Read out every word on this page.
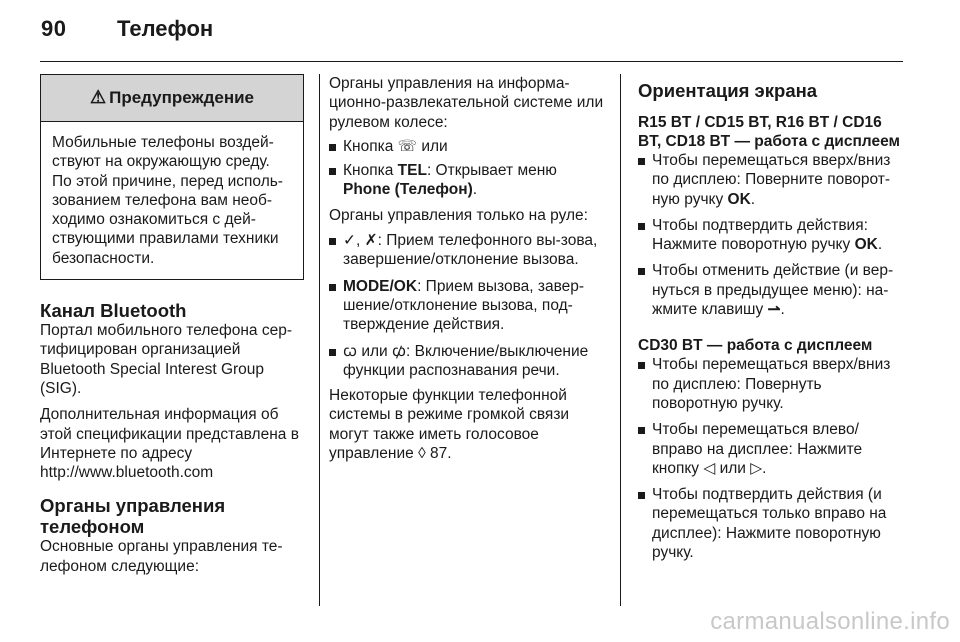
90	Телефон
⚠ Предупреждение

Мобильные телефоны воздей-ствуют на окружающую среду. По этой причине, перед исполь-зованием телефона вам необ-ходимо ознакомиться с дей-ствующими правилами техники безопасности.

Канал Bluetooth

Портал мобильного телефона сер-тифицирован организацией Bluetooth Special Interest Group (SIG).

Дополнительная информация об этой спецификации представлена в Интернете по адресу http://www.bluetooth.com

Органы управления телефоном

Основные органы управления те-лефоном следующие:

Органы управления на информа-ционно-развлекательной системе или рулевом колесе:

Кнопка ☏ или
Кнопка TEL: Открывает меню Phone (Телефон).

Органы управления только на руле:

✓, ✗: Прием телефонного вы-зова, завершение/отклонение вызова.
MODE/OK: Прием вызова, завер-шение/отклонение вызова, под-тверждение действия.
ꞷ или ꞷ̸: Включение/выключение функции распознавания речи.

Некоторые функции телефонной системы в режиме громкой связи могут также иметь голосовое управление ◊ 87.

Ориентация экрана
R15 BT / CD15 BT, R16 BT / CD16 BT, CD18 BT — работа с дисплеем
Чтобы перемещаться вверх/вниз по дисплею: Поверните поворот-ную ручку OK.
Чтобы подтвердить действия: Нажмите поворотную ручку OK.
Чтобы отменить действие (и вер-нуться в предыдущее меню): на-жмите клавишу ⇀.
CD30 BT — работа с дисплеем
Чтобы перемещаться вверх/вниз по дисплею: Повернуть поворотную ручку.
Чтобы перемещаться влево/ вправо на дисплее: Нажмите кнопку ◁ или ▷.
Чтобы подтвердить действия (и перемещаться только вправо на дисплее): Нажмите поворотную ручку.
carmanualsonline.info
